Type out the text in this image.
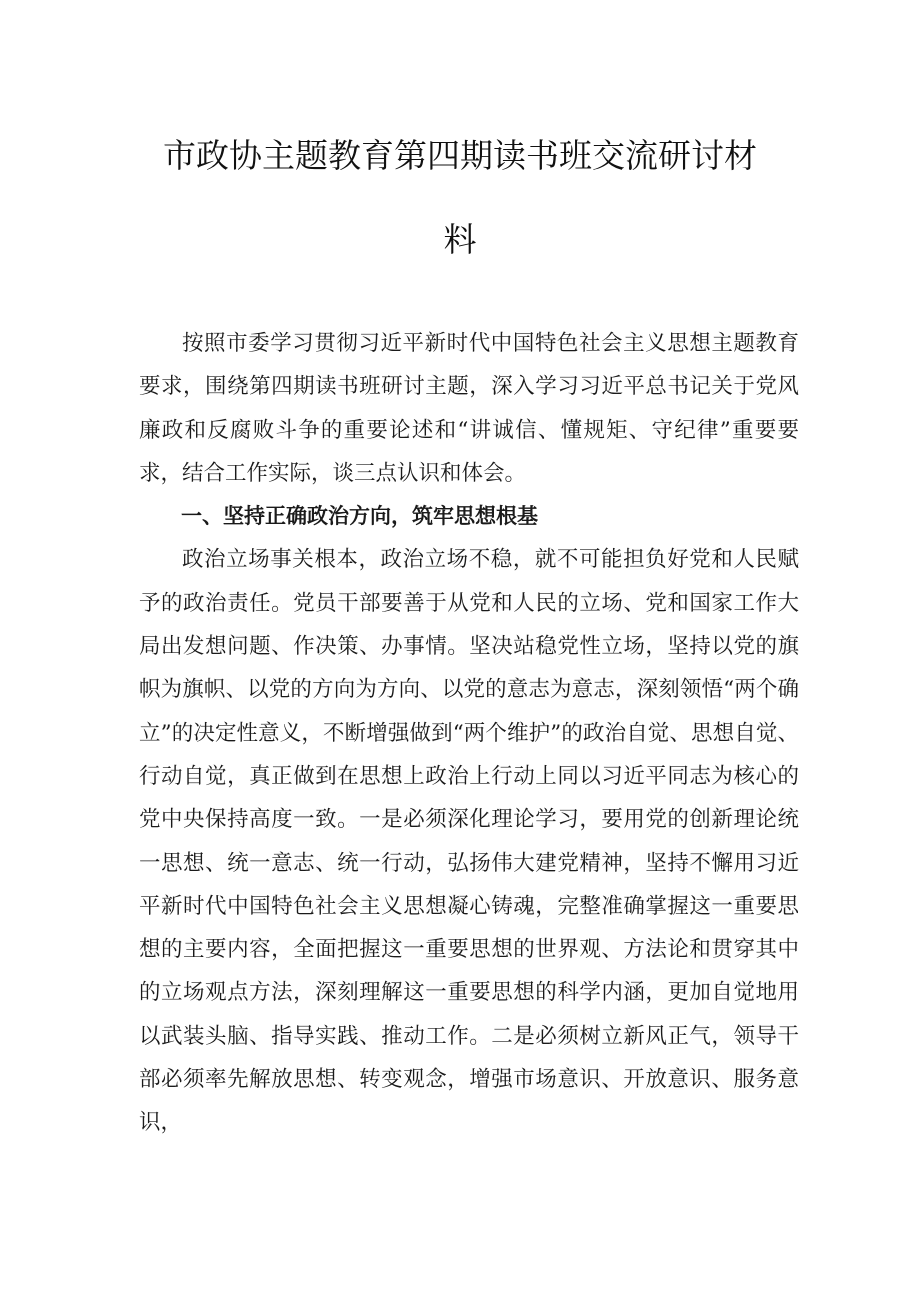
市政协主题教育第四期读书班交流研讨材
料

按照市委学习贯彻习近平新时代中国特色社会主义思想主题教育要求，围绕第四期读书班研讨主题，深入学习习近平总书记关于党风廉政和反腐败斗争的重要论述和“讲诚信、懂规矩、守纪律”重要要求，结合工作实际，谈三点认识和体会。

一、坚持正确政治方向，筑牢思想根基

政治立场事关根本，政治立场不稳，就不可能担负好党和人民赋予的政治责任。党员干部要善于从党和人民的立场、党和国家工作大局出发想问题、作决策、办事情。坚决站稳党性立场，坚持以党的旗帜为旗帜、以党的方向为方向、以党的意志为意志，深刻领悟“两个确立”的决定性意义，不断增强做到“两个维护”的政治自觉、思想自觉、行动自觉，真正做到在思想上政治上行动上同以习近平同志为核心的党中央保持高度一致。一是必须深化理论学习，要用党的创新理论统一思想、统一意志、统一行动，弘扬伟大建党精神，坚持不懈用习近平新时代中国特色社会主义思想凝心铸魂，完整准确掌握这一重要思想的主要内容，全面把握这一重要思想的世界观、方法论和贯穿其中的立场观点方法，深刻理解这一重要思想的科学内涵，更加自觉地用以武装头脑、指导实践、推动工作。二是必须树立新风正气，领导干部必须率先解放思想、转变观念，增强市场意识、开放意识、服务意识，
